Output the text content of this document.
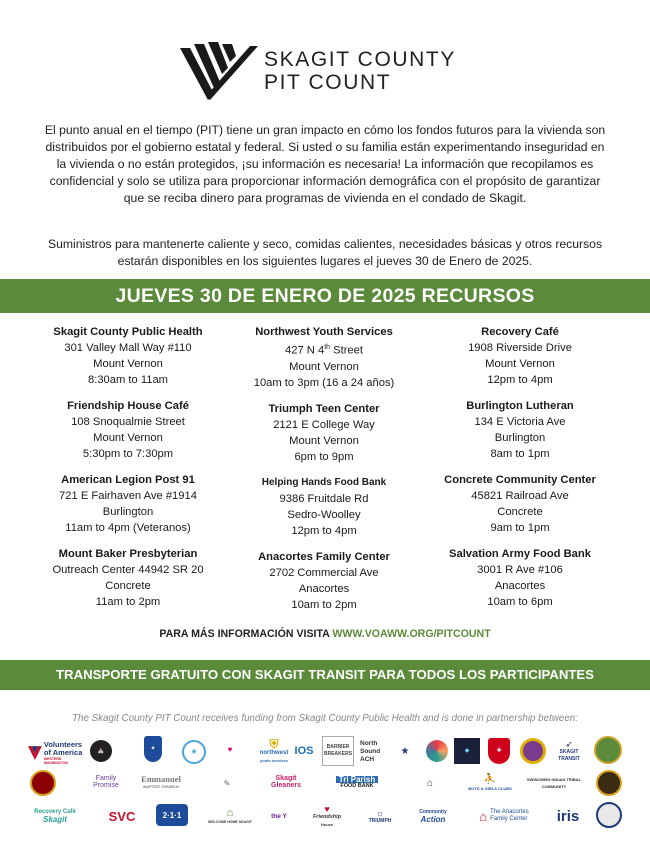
SKAGIT COUNTY
PIT COUNT

El punto anual en el tiempo (PIT) tiene un gran impacto en cómo los fondos futuros para la vivienda son distribuidos por el gobierno estatal y federal. Si usted o su familia están experimentando inseguridad en la vivienda o no están protegidos, ¡su información es necesaria! La información que recopilamos es confidencial y solo se utiliza para proporcionar información demográfica con el propósito de garantizar que se reciba dinero para programas de vivienda en el condado de Skagit.

Suministros para mantenerte caliente y seco, comidas calientes, necesidades básicas y otros recursos estarán disponibles en los siguientes lugares el jueves 30 de Enero de 2025.

JUEVES 30 DE ENERO DE 2025 RECURSOS
Skagit County Public Health
301 Valley Mall Way #110
Mount Vernon
8:30am to 11am
Friendship House Café
108 Snoqualmie Street
Mount Vernon
5:30pm to 7:30pm
American Legion Post 91
721 E Fairhaven Ave #1914
Burlington
11am to 4pm (Veteranos)
Mount Baker Presbyterian
Outreach Center 44942 SR 20
Concrete
11am to 2pm
Northwest Youth Services
427 N 4th Street
Mount Vernon
10am to 3pm (16 a 24 años)
Triumph Teen Center
2121 E College Way
Mount Vernon
6pm to 9pm
Helping Hands Food Bank
9386 Fruitdale Rd
Sedro-Woolley
12pm to 4pm
Anacortes Family Center
2702 Commercial Ave
Anacortes
10am to 2pm
Recovery Café
1908 Riverside Drive
Mount Vernon
12pm to 4pm
Burlington Lutheran
134 E Victoria Ave
Burlington
8am to 1pm
Concrete Community Center
45821 Railroad Ave
Concrete
9am to 1pm
Salvation Army Food Bank
3001 R Ave #106
Anacortes
10am to 6pm
PARA MÁS INFORMACIÓN VISITA WWW.VOAWW.ORG/PITCOUNT
TRANSPORTE GRATUITO CON SKAGIT TRANSIT PARA TODOS LOS PARTICIPANTES
The Skagit County PIT Count receives funding from Skagit County Public Health and is done in partnership between:
Volunteers
of America
WESTERN WASHINGTON
⛪	✦	◉	♥	⛨
northwest
youth services
IOS	BARRIER
BREAKERS
North
Sound
ACH
★	◆	✚
➶
SKAGIT
TRANSIT
Family
Promise
Emmanuel
BAPTIST CHURCH	✎	Skagit
Gleaners
Tri Parish
FOOD BANK	⌂	⛹
BOYS & GIRLS CLUBS
SWINOMISH INDIAN TRIBAL COMMUNITY
Recovery Café
Skagit	SVC	2·1·1	⌂
WELCOME HOME SKAGIT
the Y
♥
Friendship
House
☼
TRIUMPH
Community
Action	⌂ The Anacortes
Family Center iris
